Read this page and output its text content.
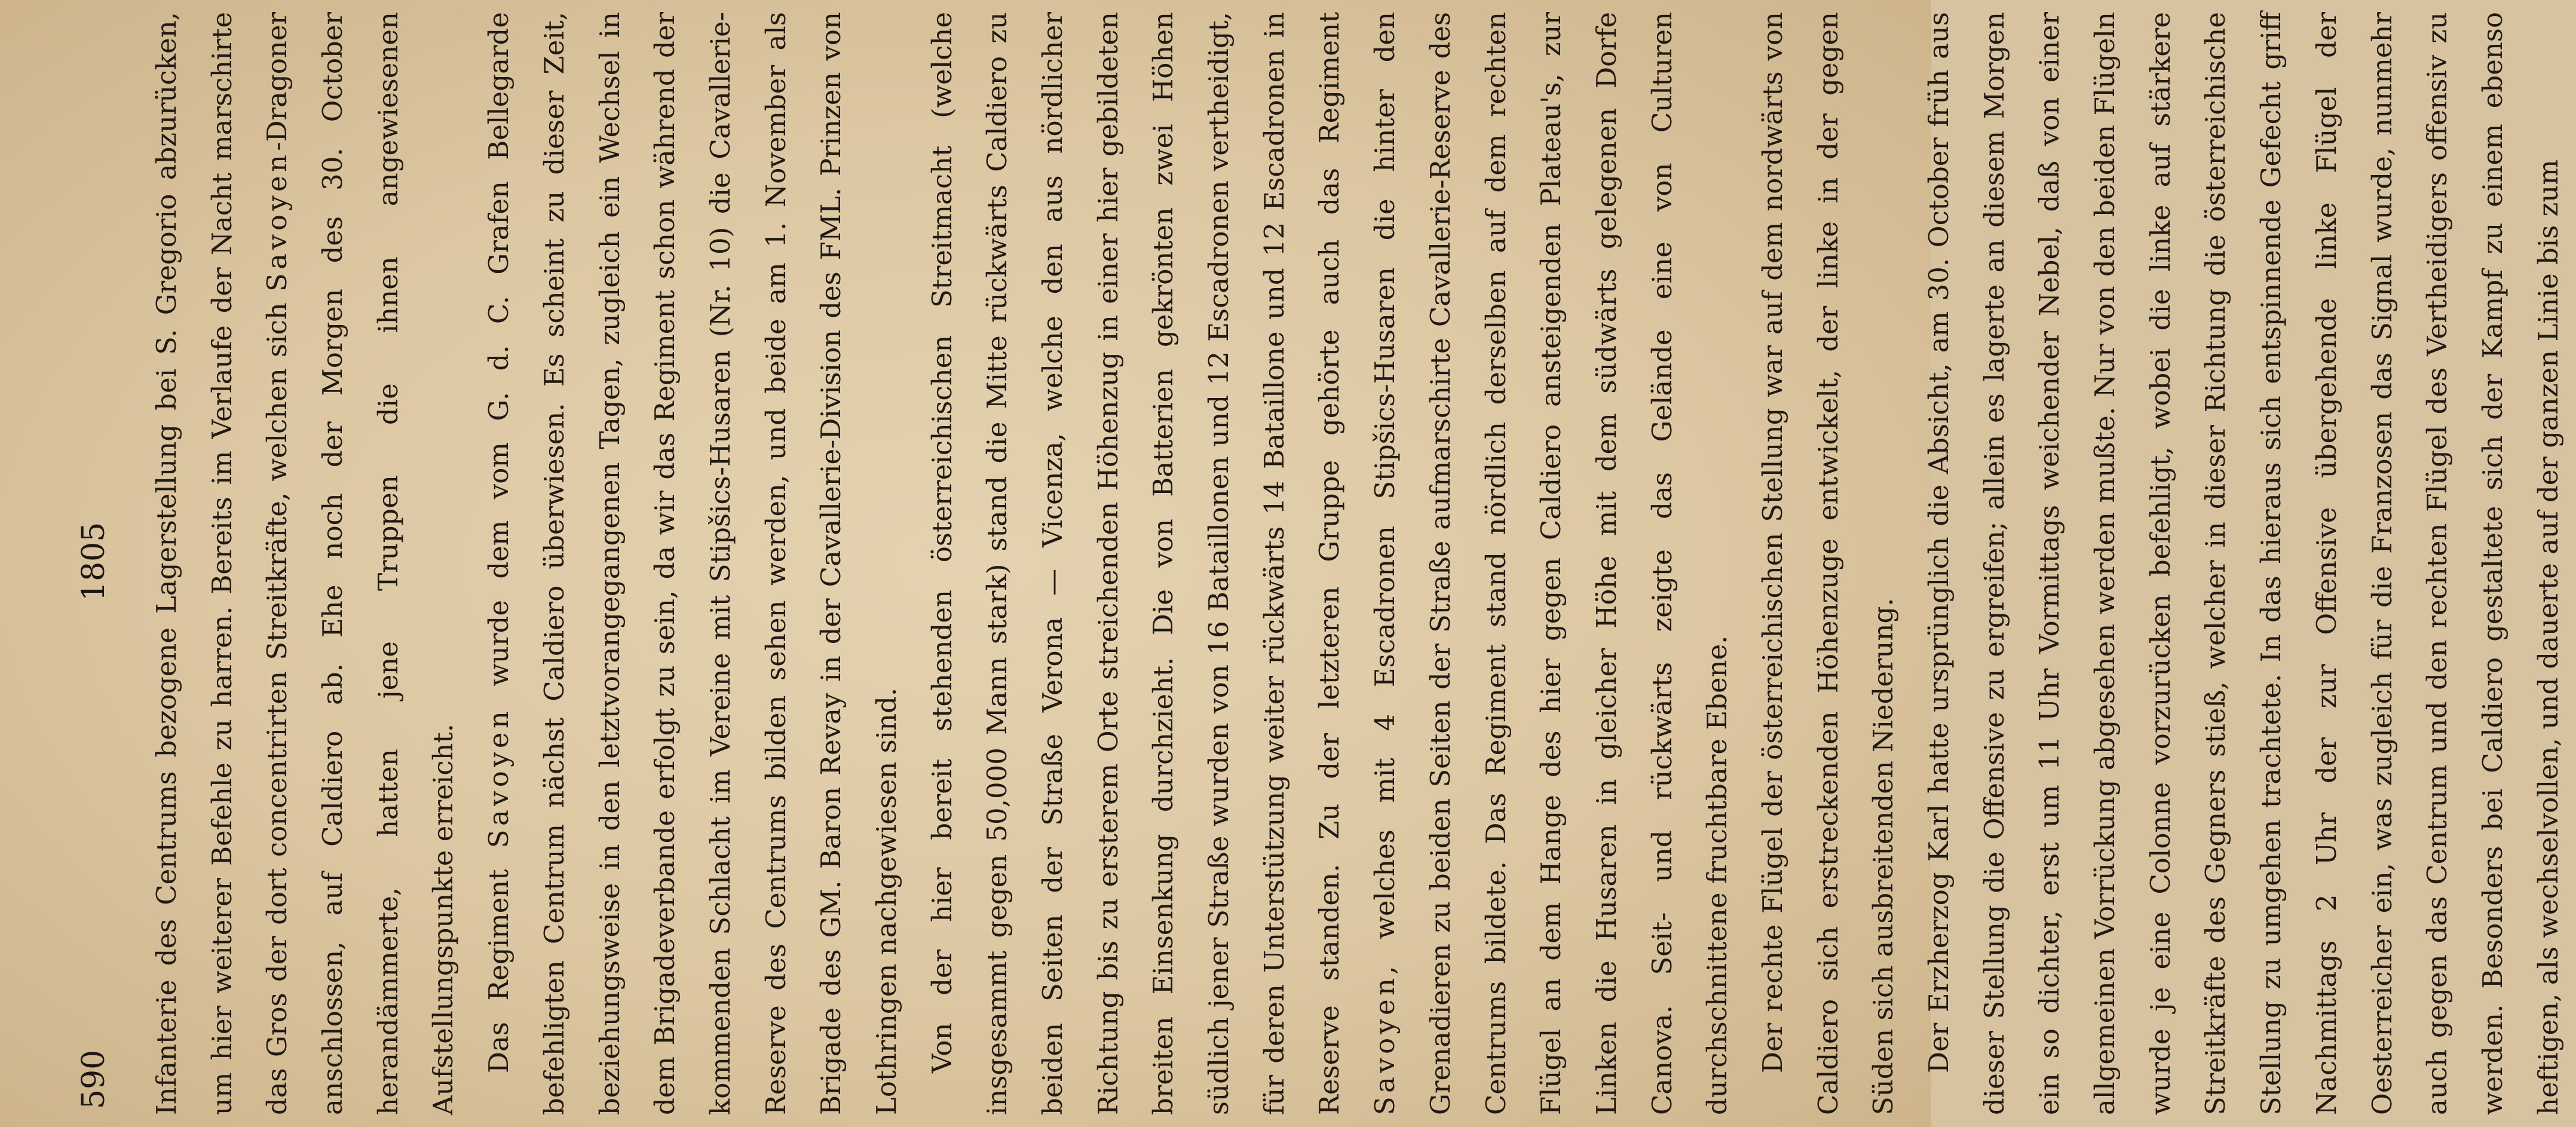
590
1805	Infanterie des Centrums bezogene Lagerstellung bei S. Gregorio abzurücken, um hier weiterer Befehle zu harren. Bereits im Verlaufe der Nacht marschirte das Gros der dort concentrirten Streitkräfte, welchen sich Savoyen-Dragoner anschlossen, auf Caldiero ab. Ehe noch der Morgen des 30. October herandämmerte, hatten jene Truppen die ihnen angewiesenen Aufstellungspunkte erreicht. Das Regiment Savoyen wurde dem vom G. d. C. Grafen Bellegarde befehligten Centrum nächst Caldiero überwiesen. Es scheint zu dieser Zeit, beziehungsweise in den letztvorangegangenen Tagen, zugleich ein Wechsel in dem Brigadeverbande erfolgt zu sein, da wir das Regiment schon während der kommenden Schlacht im Vereine mit Stipšics-Husaren (Nr. 10) die Cavallerie-Reserve des Centrums bilden sehen werden, und beide am 1. November als Brigade des GM. Baron Revay in der Cavallerie-Division des FML. Prinzen von Lothringen nachgewiesen sind. Von der hier bereit stehenden österreichischen Streitmacht (welche insgesammt gegen 50,000 Mann stark) stand die Mitte rückwärts Caldiero zu beiden Seiten der Straße Verona — Vicenza, welche den aus nördlicher Richtung bis zu ersterem Orte streichenden Höhenzug in einer hier gebildeten breiten Einsenkung durchzieht. Die von Batterien gekrönten zwei Höhen südlich jener Straße wurden von 16 Bataillonen und 12 Escadronen vertheidigt, für deren Unterstützung weiter rückwärts 14 Bataillone und 12 Escadronen in Reserve standen. Zu der letzteren Gruppe gehörte auch das Regiment Savoyen, welches mit 4 Escadronen Stipšics-Husaren die hinter den Grenadieren zu beiden Seiten der Straße aufmarschirte Cavallerie-Reserve des Centrums bildete. Das Regiment stand nördlich derselben auf dem rechten Flügel an dem Hange des hier gegen Caldiero ansteigenden Plateau's, zur Linken die Husaren in gleicher Höhe mit dem südwärts gelegenen Dorfe Canova. Seit- und rückwärts zeigte das Gelände eine von Culturen durchschnittene fruchtbare Ebene. Der rechte Flügel der österreichischen Stellung war auf dem nordwärts von Caldiero sich erstreckenden Höhenzuge entwickelt, der linke in der gegen Süden sich ausbreitenden Niederung. Der Erzherzog Karl hatte ursprünglich die Absicht, am 30. October früh aus dieser Stellung die Offensive zu ergreifen; allein es lagerte an diesem Morgen ein so dichter, erst um 11 Uhr Vormittags weichender Nebel, daß von einer allgemeinen Vorrückung abgesehen werden mußte. Nur von den beiden Flügeln wurde je eine Colonne vorzurücken befehligt, wobei die linke auf stärkere Streitkräfte des Gegners stieß, welcher in dieser Richtung die österreichische Stellung zu umgehen trachtete. In das hieraus sich entspinnende Gefecht griff Nachmittags 2 Uhr der zur Offensive übergehende linke Flügel der Oesterreicher ein, was zugleich für die Franzosen das Signal wurde, nunmehr auch gegen das Centrum und den rechten Flügel des Vertheidigers offensiv zu werden. Besonders bei Caldiero gestaltete sich der Kampf zu einem ebenso heftigen, als wechselvollen, und dauerte auf der ganzen Linie bis zum
